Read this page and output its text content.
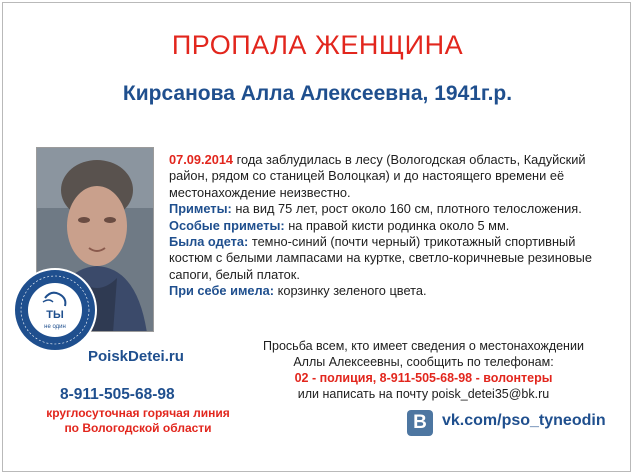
ПРОПАЛА ЖЕНЩИНА
Кирсанова Алла Алексеевна, 1941г.р.
ТЫ
не один

07.09.2014 года заблудилась в лесу (Вологодская область, Кадуйский район, рядом со станицей Волоцкая) и до настоящего времени её местонахождение неизвестно.

Приметы: на вид 75 лет, рост около 160 см, плотного телосложения.

Особые приметы: на правой кисти родинка около 5 мм.

Была одета: темно-синий (почти черный) трикотажный спортивный костюм с белыми лампасами на куртке, светло-коричневые резиновые сапоги, белый платок.

При себе имела: корзинку зеленого цвета.

PoiskDetei.ru
Просьба всем, кто имеет сведения о местонахождении
Аллы Алексеевны, сообщить по телефонам:
02 - полиция, 8-911-505-68-98 - волонтеры
или написать на почту poisk_detei35@bk.ru
8-911-505-68-98
круглосуточная горячая линия
по Вологодской области	В vk.com/pso_tyneodin
